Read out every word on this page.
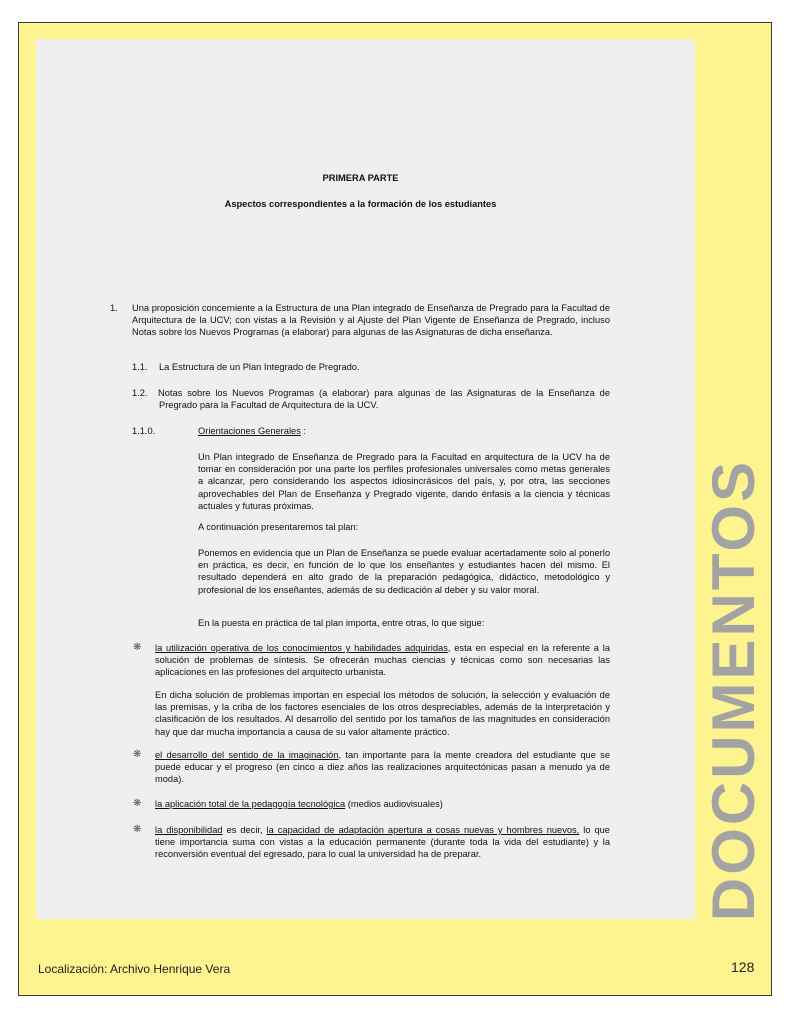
PRIMERA PARTE
Aspectos correspondientes a la formación de los estudiantes
1. Una proposición concerniente a la Estructura de una Plan integrado de Enseñanza de Pregrado para la Facultad de Arquitectura de la UCV; con vistas a la Revisión y al Ajuste del Plan Vigente de Enseñanza de Pregrado, incluso Notas sobre los Nuevos Programas (a elaborar) para algunas de las Asignaturas de dicha enseñanza.
1.1. La Estructura de un Plan Integrado de Pregrado.
1.2. Notas sobre los Nuevos Programas (a elaborar) para algunas de las Asignaturas de la Enseñanza de Pregrado para la Facultad de Arquitectura de la UCV.
1.1.0.	Orientaciones Generales :
Un Plan integrado de Enseñanza de Pregrado para la Facultad en arquitectura de la UCV ha de tomar en consideración por una parte los perfiles profesionales universales como metas generales a alcanzar, pero considerando los aspectos idiosincrásicos del país, y, por otra, las secciones aprovechables del Plan de Enseñanza y Pregrado vigente, dando énfasis a la ciencia y técnicas actuales y futuras próximas.
A continuación presentaremos tal plan:
Ponemos en evidencia que un Plan de Enseñanza se puede evaluar acertadamente solo al ponerlo en práctica, es decir, en función de lo que los enseñantes y estudiantes hacen del mismo. El resultado dependerá en alto grado de la preparación pedagógica, didáctico, metodológico y profesional de los enseñantes, además de su dedicación al deber y su valor moral.
En la puesta en práctica de tal plan importa, entre otras, lo que sigue:
❋ la utilización operativa de los conocimientos y habilidades adquiridas, esta en especial en la referente a la solución de problemas de síntesis. Se ofrecerán muchas ciencias y técnicas como son necesarias las aplicaciones en las profesiones del arquitecto urbanista.
En dicha solución de problemas importan en especial los métodos de solución, la selección y evaluación de las premisas, y la criba de los factores esenciales de los otros despreciables, además de la interpretación y clasificación de los resultados. Al desarrollo del sentido por los tamaños de las magnitudes en consideración hay que dar mucha importancia a causa de su valor altamente práctico.
❋ el desarrollo del sentido de la imaginación, tan importante para la mente creadora del estudiante que se puede educar y el progreso (en cinco a diez años las realizaciones arquitectónicas pasan a menudo ya de moda).
❋ la aplicación total de la pedagogía tecnológica (medios audiovisuales)
❋ la disponibilidad es decir, la capacidad de adaptación apertura a cosas nuevas y hombres nuevos, lo que tiene importancia suma con vistas a la educación permanente (durante toda la vida del estudiante) y la reconversión eventual del egresado, para lo cual la universidad ha de preparar.	DOCUMENTOS
Localización: Archivo Henrique Vera	128
